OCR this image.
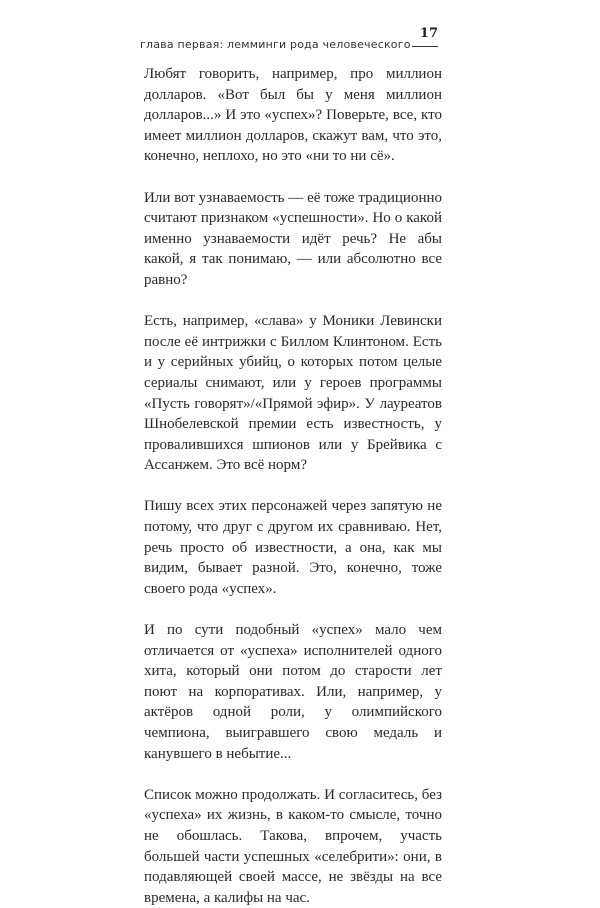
глава первая: лемминги рода человеческого
17

Любят говорить, например, про миллион долларов. «Вот был бы у меня миллион долларов...» И это «успех»? Поверьте, все, кто имеет миллион долларов, скажут вам, что это, конечно, неплохо, но это «ни то ни сё».

Или вот узнаваемость — её тоже традиционно считают признаком «успешности». Но о какой именно узнаваемости идёт речь? Не абы какой, я так понимаю, — или абсолютно все равно?

Есть, например, «слава» у Моники Левински после её интрижки с Биллом Клинтоном. Есть и у серийных убийц, о которых потом целые сериалы снимают, или у героев программы «Пусть говорят»/«Прямой эфир». У лауреатов Шнобелевской премии есть известность, у провалившихся шпионов или у Брейвика с Ассанжем. Это всё норм?

Пишу всех этих персонажей через запятую не потому, что друг с другом их сравниваю. Нет, речь просто об известности, а она, как мы видим, бывает разной. Это, конечно, тоже своего рода «успех».

И по сути подобный «успех» мало чем отличается от «успеха» исполнителей одного хита, который они потом до старости лет поют на корпоративах. Или, например, у актёров одной роли, у олимпийского чемпиона, выигравшего свою медаль и канувшего в небытие...

Список можно продолжать. И согласитесь, без «успеха» их жизнь, в каком-то смысле, точно не обошлась. Такова, впрочем, участь большей части успешных «селебрити»: они, в подавляющей своей массе, не звёзды на все времена, а калифы на час.
